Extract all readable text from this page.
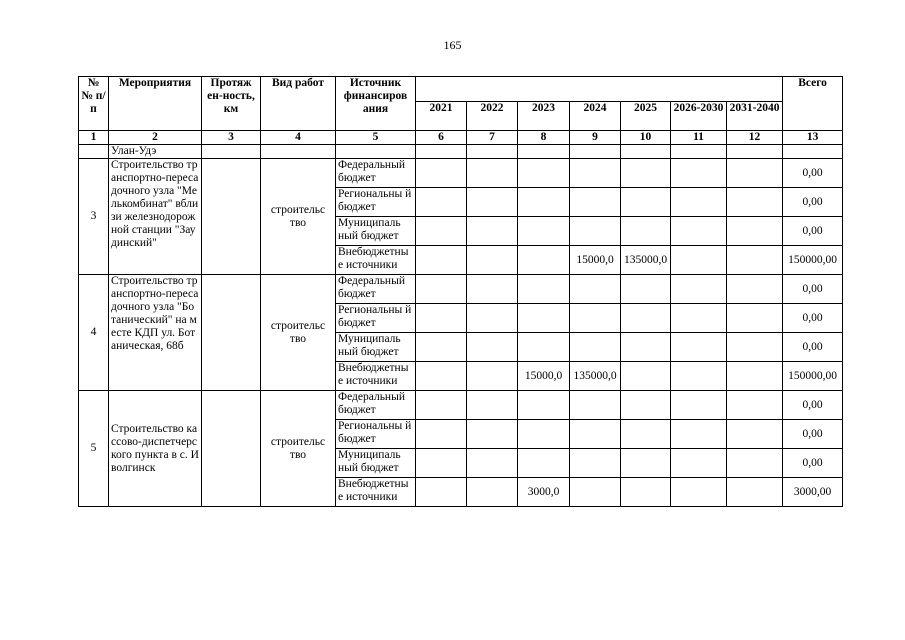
165
№ № п/п	Мероприятия	Протяж ен-ность, км	Вид работ	Источник финансиров ания								Всего
					2021	2022	2023	2024	2025	2026-2030	2031-2040	
1	2	3	4	5	6	7	8	9	10	11	12	13
	Улан-Удэ											
3	Строительство транспортно-пересадочного узла "Мелькомбинат" вблизи железнодорожной станции "Заудинский"		строительс тво	Федеральный бюджет								0,00
				Региональны й бюджет								0,00
				Муниципаль ный бюджет								0,00
				Внебюджетны е источники				15000,0	135000,0			150000,00
4	Строительство транспортно-пересадочного узла "Ботанический" на месте КДП ул. Ботаническая, 68б		строительс тво	Федеральный бюджет								0,00
				Региональны й бюджет								0,00
				Муниципаль ный бюджет								0,00
				Внебюджетны е источники			15000,0	135000,0				150000,00
5	Строительство кассово-диспетчерского пункта в с. Иволгинск		строительс тво	Федеральный бюджет								0,00
				Региональны й бюджет								0,00
				Муниципаль ный бюджет								0,00
				Внебюджетны е источники			3000,0					3000,00
